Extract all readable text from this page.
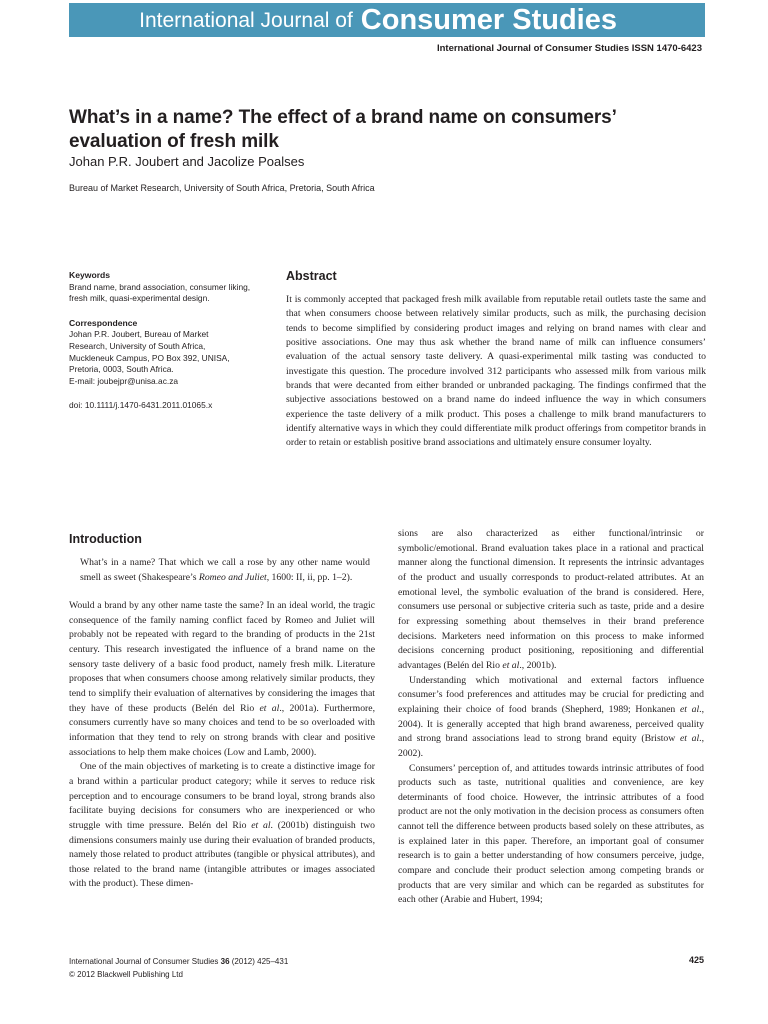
International Journal of Consumer Studies
International Journal of Consumer Studies ISSN 1470-6423
What’s in a name? The effect of a brand name on consumers’ evaluation of fresh milk
Johan P.R. Joubert and Jacolize Poalses
Bureau of Market Research, University of South Africa, Pretoria, South Africa
Keywords
Brand name, brand association, consumer liking, fresh milk, quasi-experimental design.
Correspondence
Johan P.R. Joubert, Bureau of Market
Research, University of South Africa,
Muckleneuk Campus, PO Box 392, UNISA,
Pretoria, 0003, South Africa.
E-mail: joubejpr@unisa.ac.za
doi: 10.1111/j.1470-6431.2011.01065.x
Abstract

It is commonly accepted that packaged fresh milk available from reputable retail outlets taste the same and that when consumers choose between relatively similar products, such as milk, the purchasing decision tends to become simplified by considering product images and relying on brand names with clear and positive associations. One may thus ask whether the brand name of milk can influence consumers’ evaluation of the actual sensory taste delivery. A quasi-experimental milk tasting was conducted to investigate this question. The procedure involved 312 participants who assessed milk from various milk brands that were decanted from either branded or unbranded packaging. The findings confirmed that the subjective associations bestowed on a brand name do indeed influence the way in which consumers experience the taste delivery of a milk product. This poses a challenge to milk brand manufacturers to identify alternative ways in which they could differentiate milk product offerings from competitor brands in order to retain or establish positive brand associations and ultimately ensure consumer loyalty.

Introduction

What’s in a name? That which we call a rose by any other name would smell as sweet (Shakespeare’s Romeo and Juliet, 1600: II, ii, pp. 1–2).

Would a brand by any other name taste the same? In an ideal world, the tragic consequence of the family naming conflict faced by Romeo and Juliet will probably not be repeated with regard to the branding of products in the 21st century. This research investigated the influence of a brand name on the sensory taste delivery of a basic food product, namely fresh milk. Literature proposes that when consumers choose among relatively similar products, they tend to simplify their evaluation of alternatives by considering the images that they have of these products (Belén del Rio et al., 2001a). Furthermore, consumers currently have so many choices and tend to be so overloaded with information that they tend to rely on strong brands with clear and positive associations to help them make choices (Low and Lamb, 2000).

One of the main objectives of marketing is to create a distinctive image for a brand within a particular product category; while it serves to reduce risk perception and to encourage consumers to be brand loyal, strong brands also facilitate buying decisions for consumers who are inexperienced or who struggle with time pressure. Belén del Rio et al. (2001b) distinguish two dimensions consumers mainly use during their evaluation of branded products, namely those related to product attributes (tangible or physical attributes), and those related to the brand name (intangible attributes or images associated with the product). These dimen-

sions are also characterized as either functional/intrinsic or symbolic/emotional. Brand evaluation takes place in a rational and practical manner along the functional dimension. It represents the intrinsic advantages of the product and usually corresponds to product-related attributes. At an emotional level, the symbolic evaluation of the brand is considered. Here, consumers use personal or subjective criteria such as taste, pride and a desire for expressing something about themselves in their brand preference decisions. Marketers need information on this process to make informed decisions concerning product positioning, repositioning and differential advantages (Belén del Rio et al., 2001b).

Understanding which motivational and external factors influence consumer’s food preferences and attitudes may be crucial for predicting and explaining their choice of food brands (Shepherd, 1989; Honkanen et al., 2004). It is generally accepted that high brand awareness, perceived quality and strong brand associations lead to strong brand equity (Bristow et al., 2002).

Consumers’ perception of, and attitudes towards intrinsic attributes of food products such as taste, nutritional qualities and convenience, are key determinants of food choice. However, the intrinsic attributes of a food product are not the only motivation in the decision process as consumers often cannot tell the difference between products based solely on these attributes, as is explained later in this paper. Therefore, an important goal of consumer research is to gain a better understanding of how consumers perceive, judge, compare and conclude their product selection among competing brands or products that are very similar and which can be regarded as substitutes for each other (Arabie and Hubert, 1994;

International Journal of Consumer Studies 36 (2012) 425–431
© 2012 Blackwell Publishing Ltd
425
